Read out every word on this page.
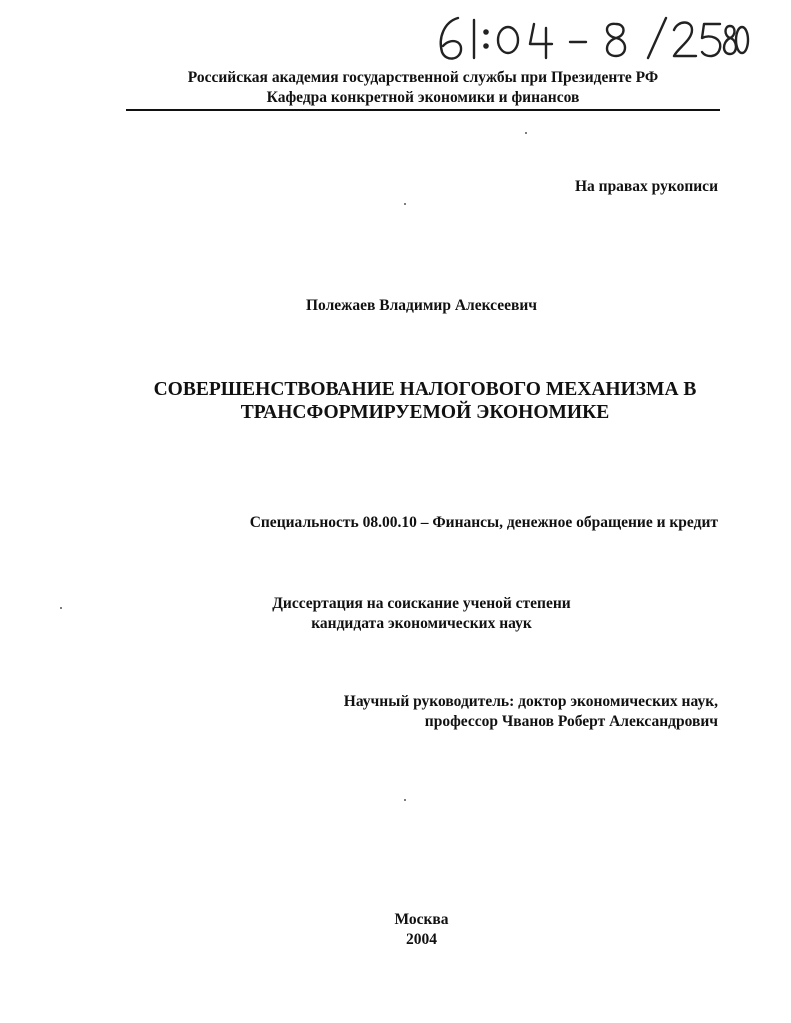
Российская академия государственной службы при Президенте РФ
Кафедра конкретной экономики и финансов
На правах рукописи
Полежаев Владимир Алексеевич
СОВЕРШЕНСТВОВАНИЕ НАЛОГОВОГО МЕХАНИЗМА В
ТРАНСФОРМИРУЕМОЙ ЭКОНОМИКЕ
Специальность 08.00.10 – Финансы, денежное обращение и кредит
Диссертация на соискание ученой степени
кандидата экономических наук
Научный руководитель: доктор экономических наук,
профессор Чванов Роберт Александрович
Москва
2004
